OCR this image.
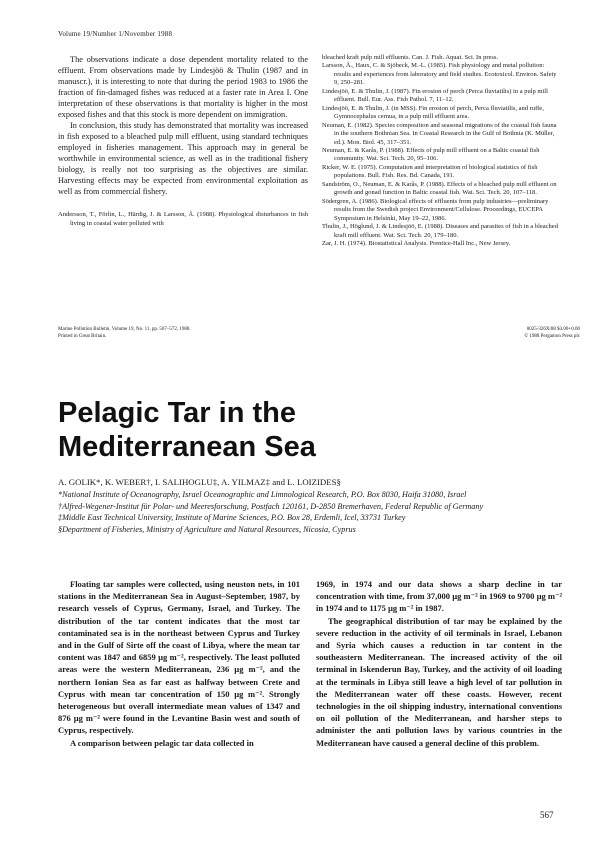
Volume 19/Number 1/November 1988

The observations indicate a dose dependent mortality related to the effluent. From observations made by Lindesjöö & Thulin (1987 and in manuscr.), it is interesting to note that during the period 1983 to 1986 the fraction of fin-damaged fishes was reduced at a faster rate in Area I. One interpretation of these observations is that mortality is higher in the most exposed fishes and that this stock is more dependent on immigration.

In conclusion, this study has demonstrated that mortality was increased in fish exposed to a bleached pulp mill effluent, using standard techniques employed in fisheries management. This approach may in general be worthwhile in environmental science, as well as in the traditional fishery biology, is really not too surprising as the objectives are similar. Harvesting effects may be expected from environmental exploitation as well as from commercial fishery.

Andersson, T., Förlin, L., Härdig, J. & Larsson, Å. (1988). Physiological disturbances in fish living in coastal water polluted with

bleached kraft pulp mill effluents. Can. J. Fish. Aquat. Sci. In press.

Larsson, Å., Haux, C. & Sjöbeck, M.-L. (1985). Fish physiology and metal pollution: results and experiences from laboratory and field studies. Ecotoxicol. Environ. Safety 9, 250–281.

Lindesjöö, E. & Thulin, J. (1987). Fin erosion of perch (Perca fluviatilis) in a pulp mill effluent. Bull. Eur. Ass. Fish Pathol. 7, 11–12.

Lindesjöö, E. & Thulin, J. (in MSS). Fin erosion of perch, Perca fluviatilis, and ruffe, Gymnocephalus cernua, in a pulp mill effluent area.

Neuman, E. (1982). Species composition and seasonal migrations of the coastal fish fauna in the southern Bothnian Sea. In Coastal Research in the Gulf of Bothnia (K. Müller, ed.). Mon. Biol. 45, 317–351.

Neuman, E. & Karås, P. (1988). Effects of pulp mill effluent on a Baltic coastal fish community. Wat. Sci. Tech. 20, 95–106.

Ricker, W. E. (1975). Computation and interpretation of biological statistics of fish populations. Bull. Fish. Res. Bd. Canada, 191.

Sandström, O., Neuman, E. & Karås, P. (1988). Effects of a bleached pulp mill effluent on growth and gonad function in Baltic coastal fish. Wat. Sci. Tech. 20, 107–118.

Södergren, A. (1986). Biological effects of effluents from pulp industries—preliminary results from the Swedish project Environment/Cellulose. Proceedings, EUCEPA Symposium in Helsinki, May 19–22, 1986.

Thulin, J., Höglund, J. & Lindesjöö, E. (1988). Diseases and parasites of fish in a bleached kraft mill effluent. Wat. Sci. Tech. 20, 179–180.

Zar, J. H. (1974). Biostatistical Analysis. Prentice-Hall Inc., New Jersey.

Marine Pollution Bulletin, Volume 19, No. 11, pp. 567–572, 1988.
Printed in Great Britain.
0025-326X/88 $3.00+0.00
© 1988 Pergamon Press plc
Pelagic Tar in the
Mediterranean Sea
A. GOLIK*, K. WEBER†, I. SALIHOGLU‡, A. YILMAZ‡ and L. LOIZIDES§
*National Institute of Oceanography, Israel Oceanographic and Limnological Research, P.O. Box 8030, Haifa 31080, Israel
†Alfred-Wegener-Institut für Polar- und Meeresforschung, Postfach 120161, D-2850 Bremerhaven, Federal Republic of Germany
‡Middle East Technical University, Institute of Marine Sciences, P.O. Box 28, Erdemli, Icel, 33731 Turkey
§Department of Fisheries, Ministry of Agriculture and Natural Resources, Nicosia, Cyprus

Floating tar samples were collected, using neuston nets, in 101 stations in the Mediterranean Sea in August–September, 1987, by research vessels of Cyprus, Germany, Israel, and Turkey. The distribution of the tar content indicates that the most tar contaminated sea is in the northeast between Cyprus and Turkey and in the Gulf of Sirte off the coast of Libya, where the mean tar content was 1847 and 6859 µg m⁻², respectively. The least polluted areas were the western Mediterranean, 236 µg m⁻², and the northern Ionian Sea as far east as halfway between Crete and Cyprus with mean tar concentration of 150 µg m⁻². Strongly heterogeneous but overall intermediate mean values of 1347 and 876 µg m⁻² were found in the Levantine Basin west and south of Cyprus, respectively.

A comparison between pelagic tar data collected in

1969, in 1974 and our data shows a sharp decline in tar concentration with time, from 37,000 µg m⁻² in 1969 to 9700 µg m⁻² in 1974 and to 1175 µg m⁻² in 1987.

The geographical distribution of tar may be explained by the severe reduction in the activity of oil terminals in Israel, Lebanon and Syria which causes a reduction in tar content in the southeastern Mediterranean. The increased activity of the oil terminal in Iskenderun Bay, Turkey, and the activity of oil loading at the terminals in Libya still leave a high level of tar pollution in the Mediterranean water off these coasts. However, recent technologies in the oil shipping industry, international conventions on oil pollution of the Mediterranean, and harsher steps to administer the anti pollution laws by various countries in the Mediterranean have caused a general decline of this problem.

567
